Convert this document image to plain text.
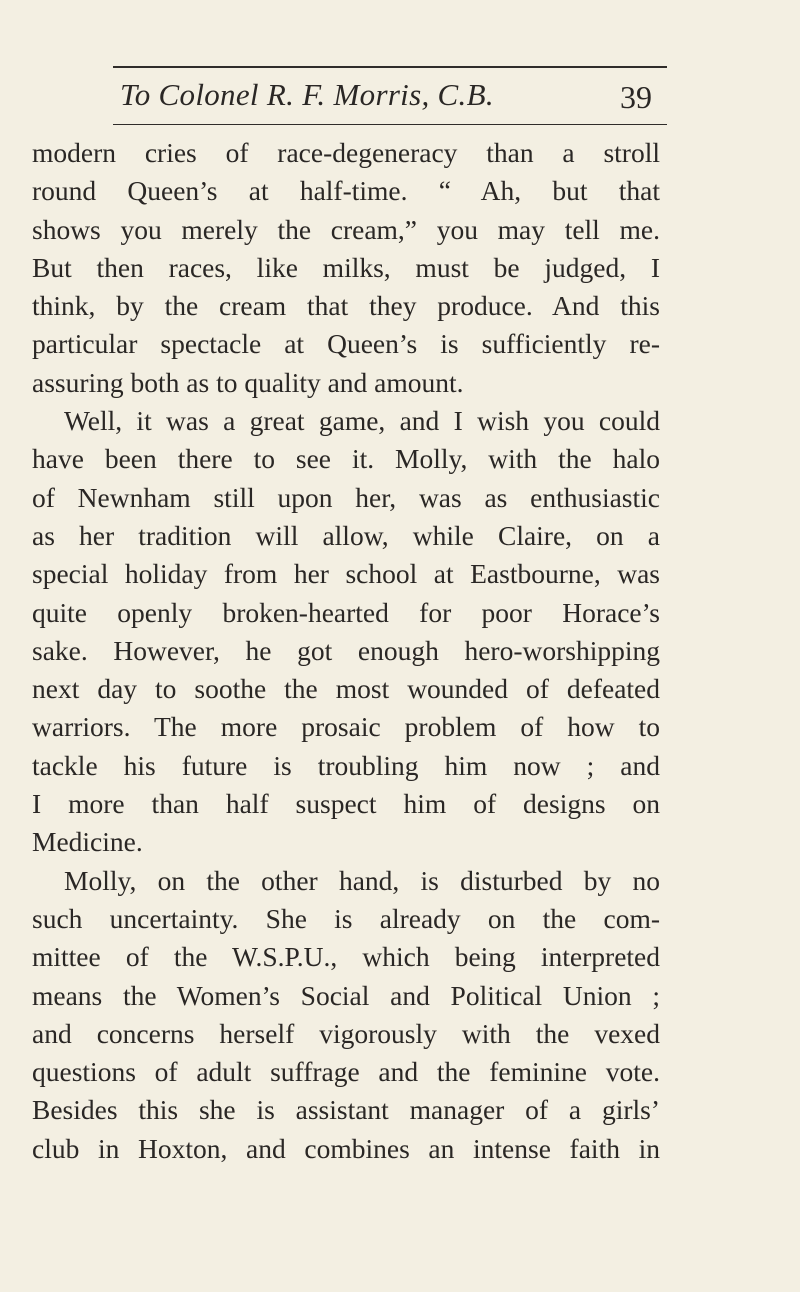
To Colonel R. F. Morris, C.B.	39
modern cries of race-degeneracy than a stroll
round Queen’s at half-time. “ Ah, but that
shows you merely the cream,” you may tell me.
But then races, like milks, must be judged, I
think, by the cream that they produce. And this
particular spectacle at Queen’s is sufficiently re-
assuring both as to quality and amount.
Well, it was a great game, and I wish you could
have been there to see it. Molly, with the halo
of Newnham still upon her, was as enthusiastic
as her tradition will allow, while Claire, on a
special holiday from her school at Eastbourne, was
quite openly broken-hearted for poor Horace’s
sake. However, he got enough hero-worshipping
next day to soothe the most wounded of defeated
warriors. The more prosaic problem of how to
tackle his future is troubling him now ; and
I more than half suspect him of designs on
Medicine.
Molly, on the other hand, is disturbed by no
such uncertainty. She is already on the com-
mittee of the W.S.P.U., which being interpreted
means the Women’s Social and Political Union ;
and concerns herself vigorously with the vexed
questions of adult suffrage and the feminine vote.
Besides this she is assistant manager of a girls’
club in Hoxton, and combines an intense faith in
